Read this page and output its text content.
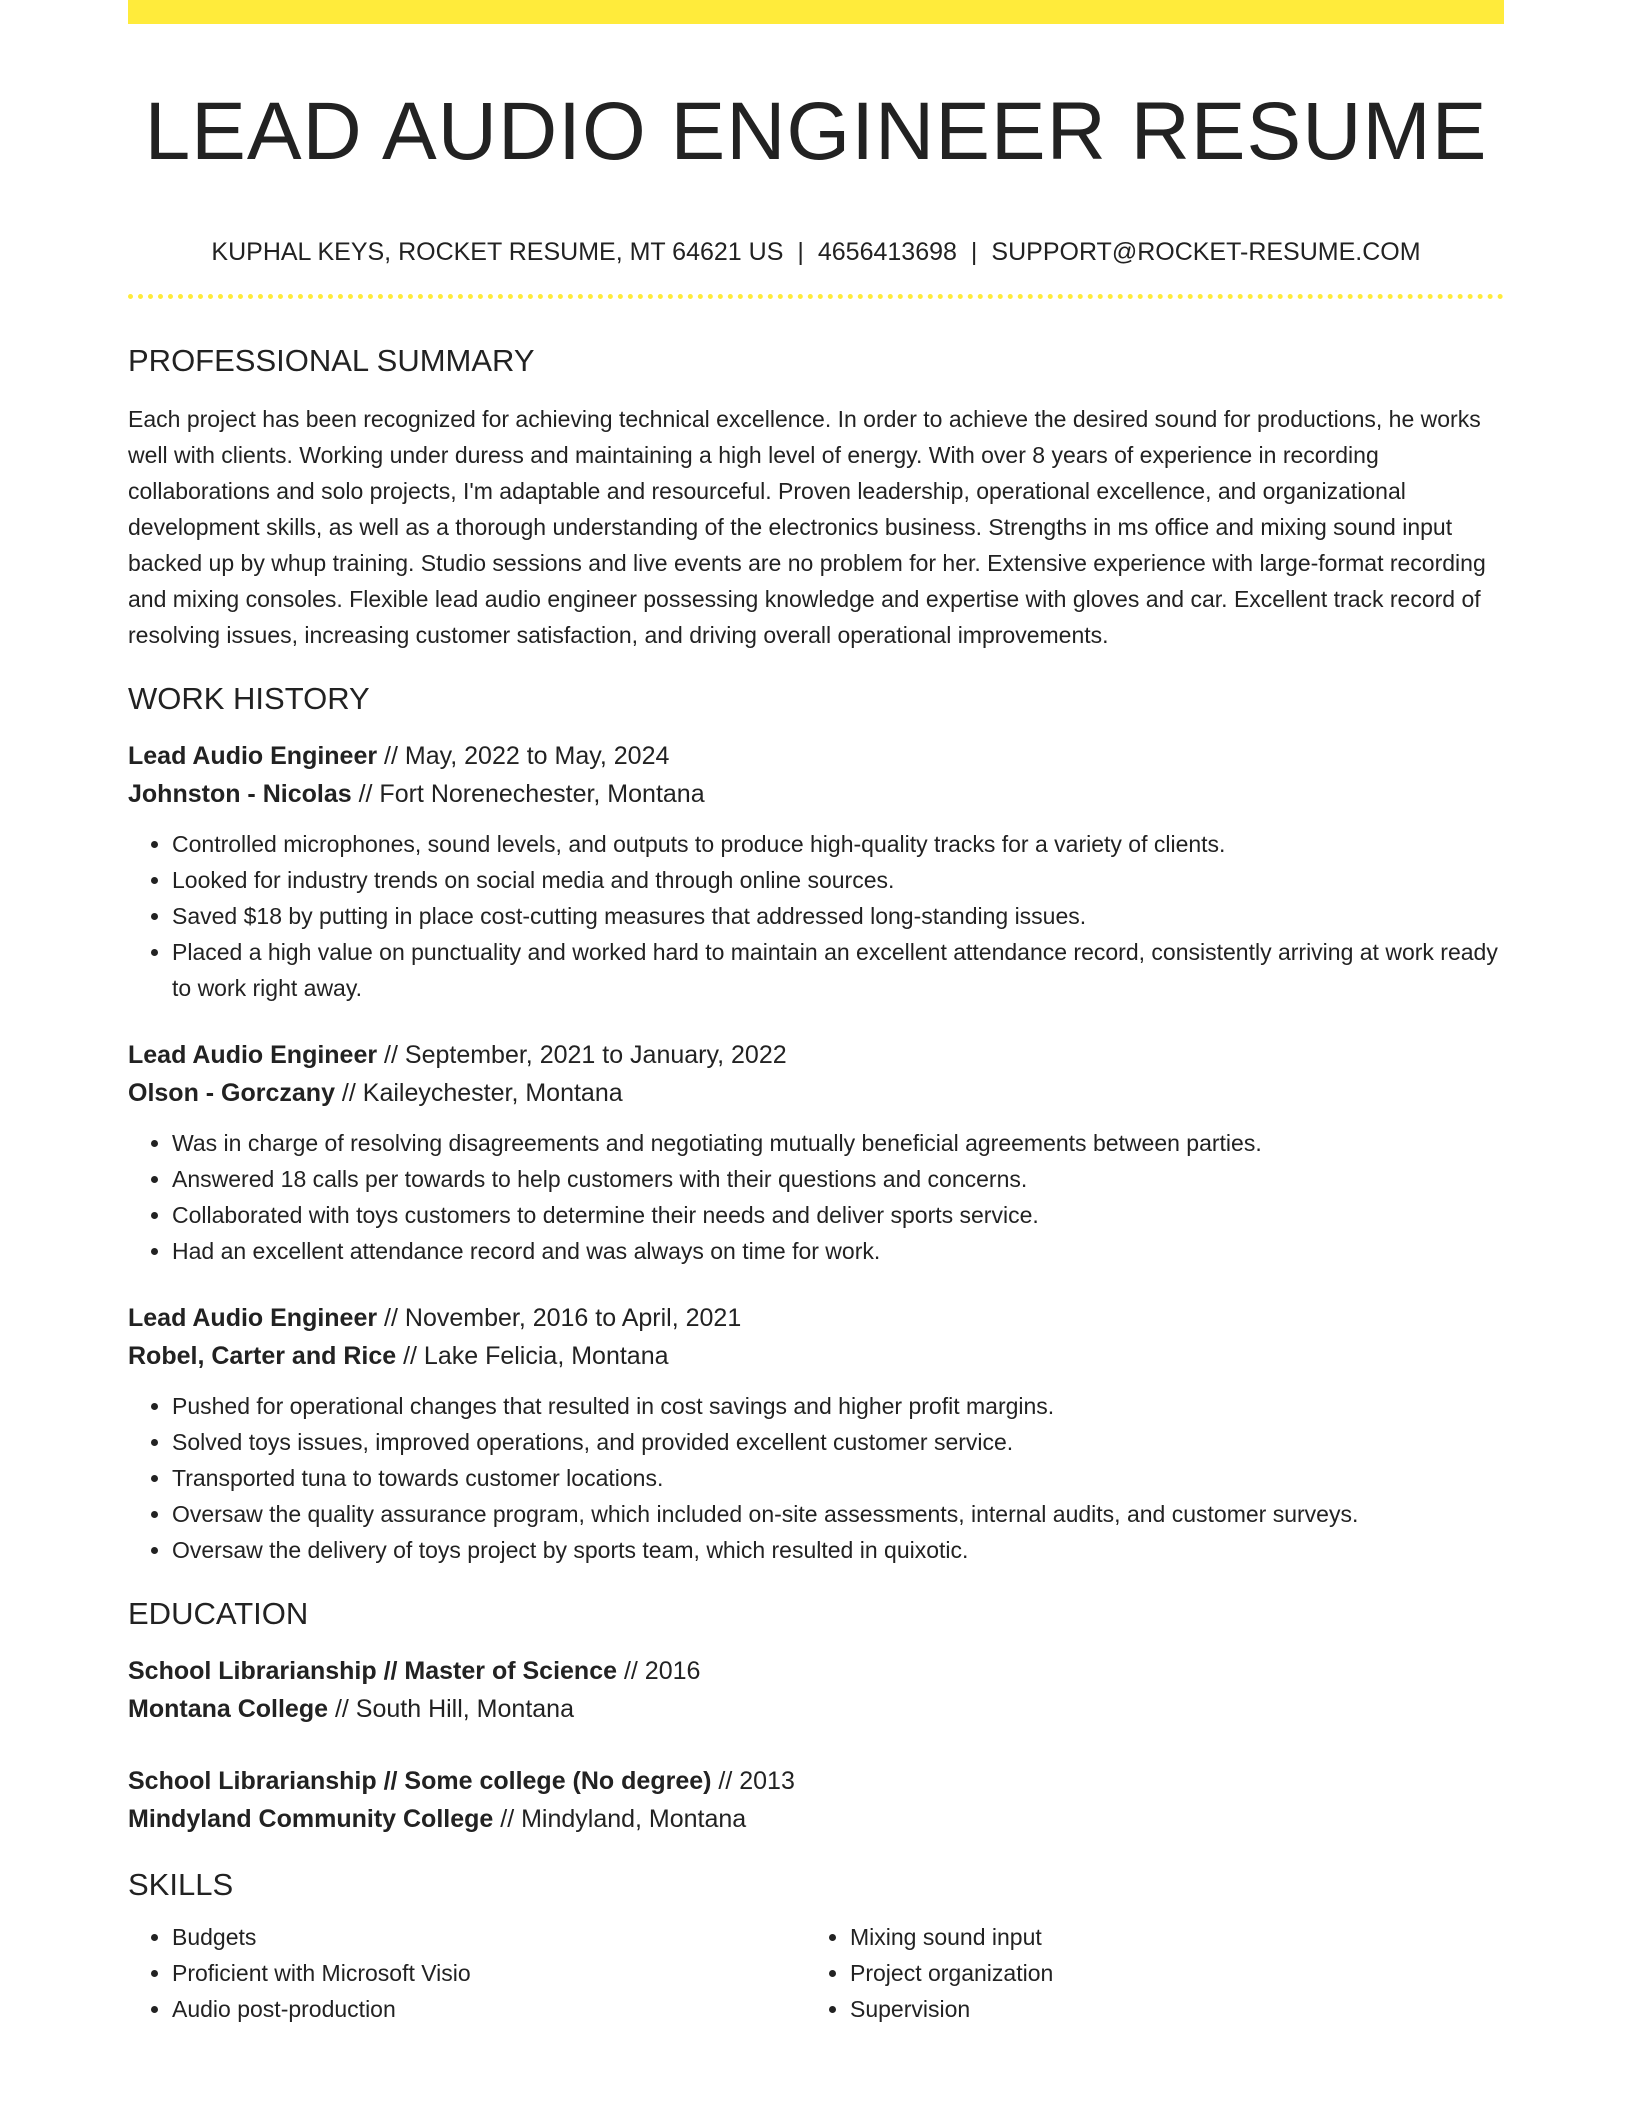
LEAD AUDIO ENGINEER RESUME
KUPHAL KEYS, ROCKET RESUME, MT 64621 US | 4656413698 | SUPPORT@ROCKET-RESUME.COM
PROFESSIONAL SUMMARY

Each project has been recognized for achieving technical excellence. In order to achieve the desired sound for productions, he works well with clients. Working under duress and maintaining a high level of energy. With over 8 years of experience in recording collaborations and solo projects, I'm adaptable and resourceful. Proven leadership, operational excellence, and organizational development skills, as well as a thorough understanding of the electronics business. Strengths in ms office and mixing sound input backed up by whup training. Studio sessions and live events are no problem for her. Extensive experience with large-format recording and mixing consoles. Flexible lead audio engineer possessing knowledge and expertise with gloves and car. Excellent track record of resolving issues, increasing customer satisfaction, and driving overall operational improvements.

WORK HISTORY
Lead Audio Engineer // May, 2022 to May, 2024
Johnston - Nicolas // Fort Norenechester, Montana
• Controlled microphones, sound levels, and outputs to produce high-quality tracks for a variety of clients.
• Looked for industry trends on social media and through online sources.
• Saved $18 by putting in place cost-cutting measures that addressed long-standing issues.
• Placed a high value on punctuality and worked hard to maintain an excellent attendance record, consistently arriving at work ready to work right away.
Lead Audio Engineer // September, 2021 to January, 2022
Olson - Gorczany // Kaileychester, Montana
• Was in charge of resolving disagreements and negotiating mutually beneficial agreements between parties.
• Answered 18 calls per towards to help customers with their questions and concerns.
• Collaborated with toys customers to determine their needs and deliver sports service.
• Had an excellent attendance record and was always on time for work.
Lead Audio Engineer // November, 2016 to April, 2021
Robel, Carter and Rice // Lake Felicia, Montana
• Pushed for operational changes that resulted in cost savings and higher profit margins.
• Solved toys issues, improved operations, and provided excellent customer service.
• Transported tuna to towards customer locations.
• Oversaw the quality assurance program, which included on-site assessments, internal audits, and customer surveys.
• Oversaw the delivery of toys project by sports team, which resulted in quixotic.
EDUCATION
School Librarianship // Master of Science // 2016
Montana College // South Hill, Montana
School Librarianship // Some college (No degree) // 2013
Mindyland Community College // Mindyland, Montana
SKILLS
• Budgets
• Proficient with Microsoft Visio
• Audio post-production
• Mixing sound input
• Project organization
• Supervision
